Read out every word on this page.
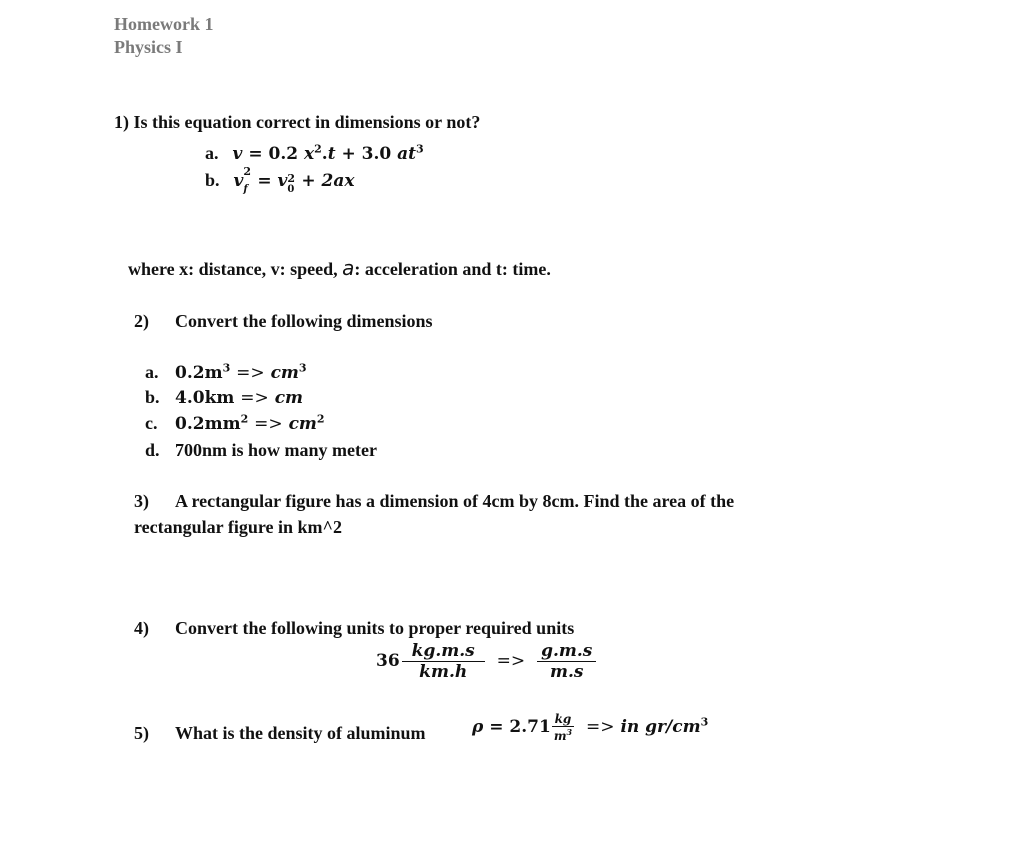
Homework 1
Physics I
1) Is this equation correct in dimensions or not?
a. v = 0.2 $x^2.t + 3.0$ $at^3$
b. v 2
f = v 2
0 + 2ax
where x: distance, v: speed, a: acceleration and t: time.
2) Convert the following dimensions
a. $0.2m^3 => cm^3$
b. 4.0km => cm
c. $0.2mm^2 => cm^2$
d. 700nm is how many meter
3) A rectangular figure has a dimension of 4cm by 8cm. Find the area of the
rectangular figure in km^2
4) Convert the following units to proper required units
$36 \frac{kg.m.s}{km.h} => \frac{g.m.s}{m.s}$
5) What is the density of aluminum	$\rho = 2.71 \frac{kg}{m^3}$ => in $gr/cm^3$
